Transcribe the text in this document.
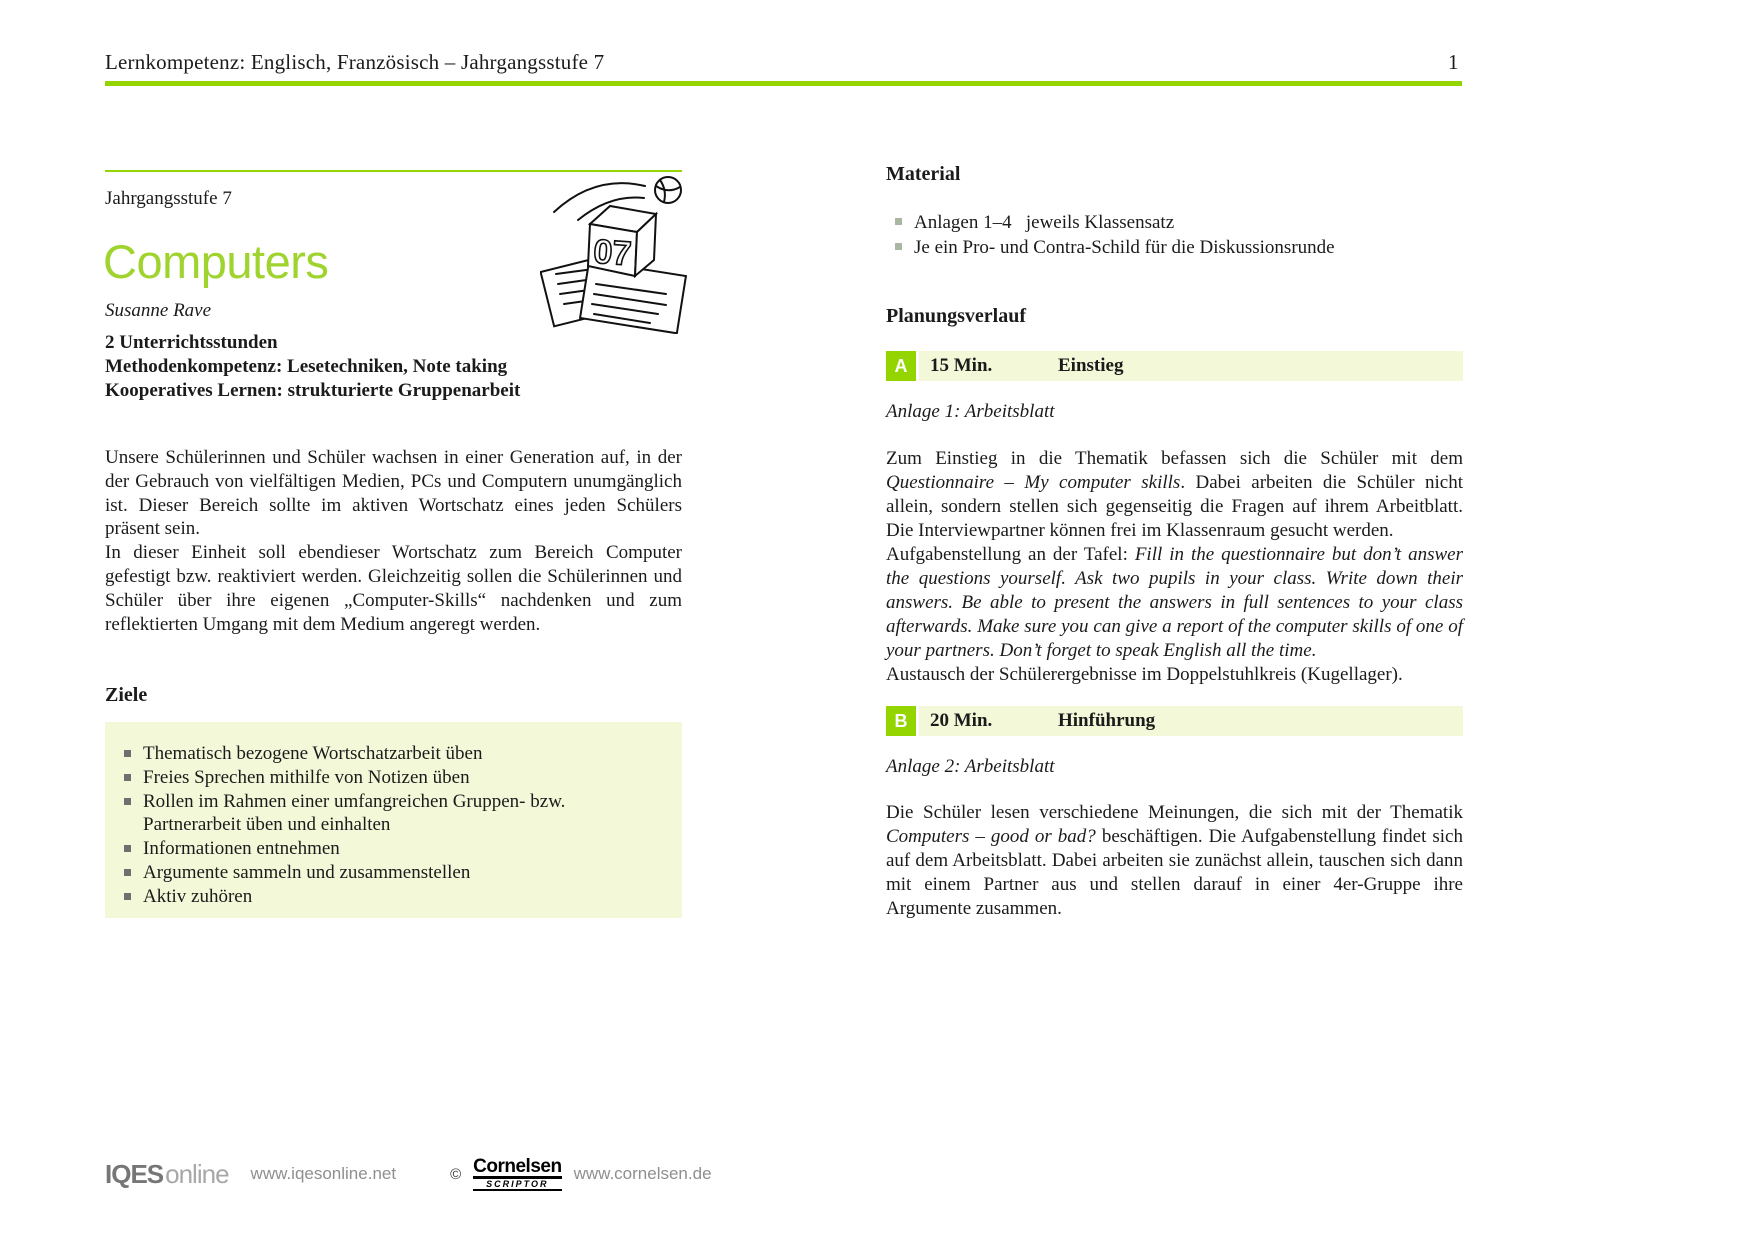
Lernkompetenz: Englisch, Französisch – Jahrgangsstufe 7	1
Jahrgangsstufe 7
Computers
Susanne Rave
2 Unterrichtsstunden
Methodenkompetenz: Lesetechniken, Note taking
Kooperatives Lernen: strukturierte Gruppenarbeit
07

Unsere Schülerinnen und Schüler wachsen in einer Generation auf, in der der Gebrauch von vielfältigen Medien, PCs und Computern unumgänglich ist. Dieser Bereich sollte im aktiven Wortschatz eines jeden Schülers präsent sein.

In dieser Einheit soll ebendieser Wortschatz zum Bereich Computer gefestigt bzw. reaktiviert werden. Gleichzeitig sollen die Schülerinnen und Schüler über ihre eigenen „Computer-Skills“ nachdenken und zum reflektierten Umgang mit dem Medium angeregt werden.

Ziele
Thematisch bezogene Wortschatzarbeit üben
Freies Sprechen mithilfe von Notizen üben
Rollen im Rahmen einer umfangreichen Gruppen- bzw. Partnerarbeit üben und einhalten
Informationen entnehmen
Argumente sammeln und zusammenstellen
Aktiv zuhören
Material
Anlagen 1–4   jeweils Klassensatz
Je ein Pro- und Contra-Schild für die Diskussionsrunde
Planungsverlauf
A	15 Min.	Einstieg
Anlage 1: Arbeitsblatt

Zum Einstieg in die Thematik befassen sich die Schüler mit dem Questionnaire – My computer skills. Dabei arbeiten die Schüler nicht allein, sondern stellen sich gegenseitig die Fragen auf ihrem Arbeitblatt. Die Interviewpartner können frei im Klassenraum gesucht werden.

Aufgabenstellung an der Tafel: Fill in the questionnaire but don’t answer the questions yourself. Ask two pupils in your class. Write down their answers. Be able to present the answers in full sentences to your class afterwards. Make sure you can give a report of the computer skills of one of your partners. Don’t forget to speak English all the time.

Austausch der Schülerergebnisse im Doppelstuhlkreis (Kugellager).

B	20 Min.	Hinführung
Anlage 2: Arbeitsblatt

Die Schüler lesen verschiedene Meinungen, die sich mit der Thematik Computers – good or bad? beschäftigen. Die Aufgabenstellung findet sich auf dem Arbeitsblatt. Dabei arbeiten sie zunächst allein, tauschen sich dann mit einem Partner aus und stellen darauf in einer 4er-Gruppe ihre Argumente zusammen.

IQESonline www.iqesonline.net	© Cornelsen
SCRIPTOR
www.cornelsen.de
